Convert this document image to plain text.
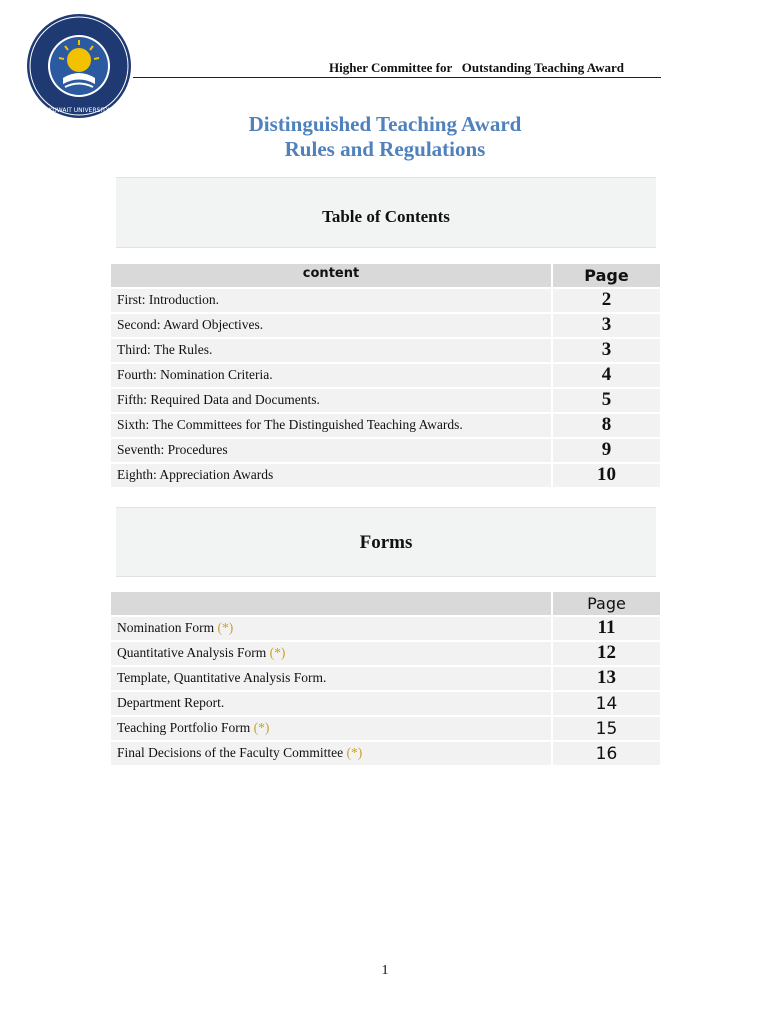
KUWAIT UNIVERSITY
Higher Committee for   Outstanding Teaching Award
Distinguished Teaching Award
Rules and Regulations
Table of Contents
content	Page
First: Introduction.	2
Second: Award Objectives.	3
Third: The Rules.	3
Fourth: Nomination Criteria.	4
Fifth: Required Data and Documents.	5
Sixth: The Committees for The Distinguished Teaching Awards.	8
Seventh: Procedures	9
Eighth: Appreciation Awards	10
Forms
Page
Nomination Form (*)	11
Quantitative Analysis Form (*)	12
Template, Quantitative Analysis Form.	13
Department Report.	14
Teaching Portfolio Form (*)	15
Final Decisions of the Faculty Committee (*)	16
1
